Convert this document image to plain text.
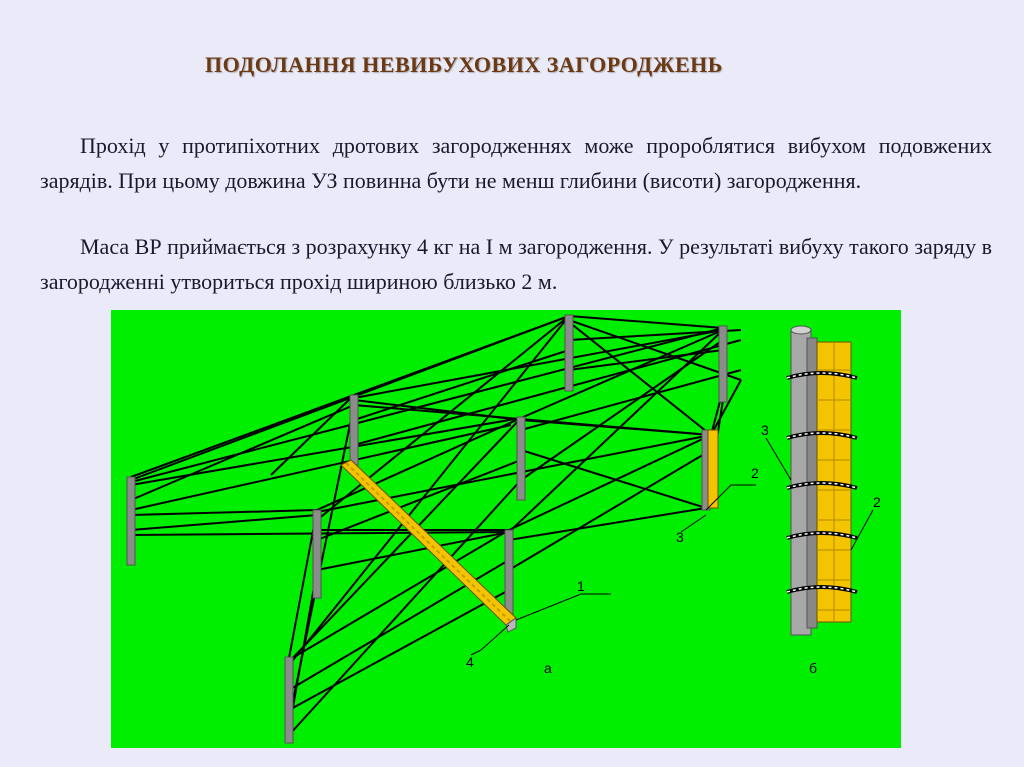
ПОДОЛАННЯ НЕВИБУХОВИХ ЗАГОРОДЖЕНЬ
Прохід у протипіхотних дротових загородженнях може пророблятися вибухом подовжених зарядів. При цьому довжина УЗ повинна бути не менш глибини (висоти) загородження.
Маса ВР приймається з розрахунку 4 кг на I м загородження. У результаті вибуху такого заряду в загородженні утвориться прохід шириною близько 2 м.
1
4
2
3
а
3
2
б
